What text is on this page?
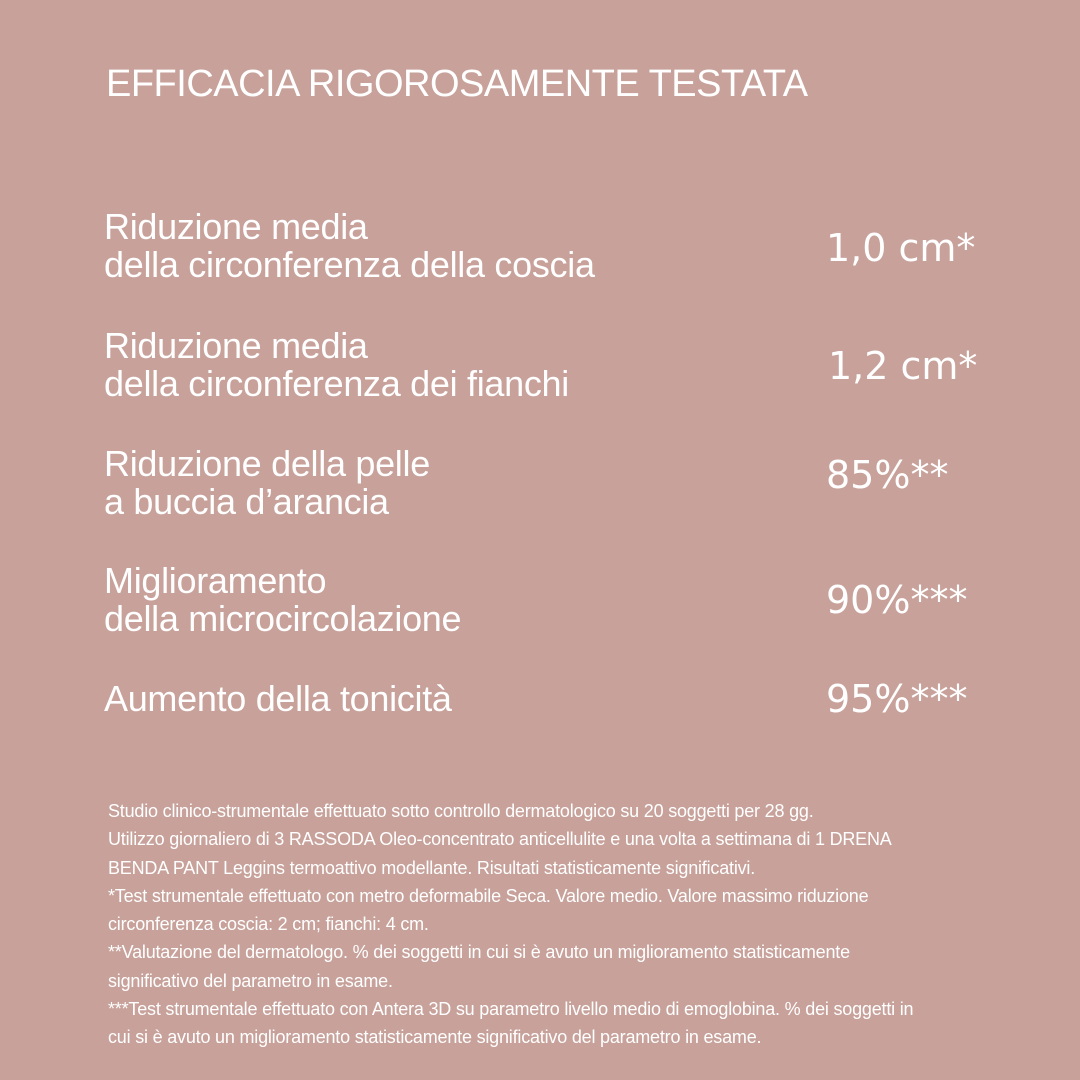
EFFICACIA RIGOROSAMENTE TESTATA
Riduzione media
della circonferenza della coscia	1,0 cm*
Riduzione media
della circonferenza dei fianchi	1,2 cm*
Riduzione della pelle
a buccia d’arancia
85%**
Miglioramento
della microcircolazione	90%***
Aumento della tonicità	95%***
Studio clinico-strumentale effettuato sotto controllo dermatologico su 20 soggetti per 28 gg.
Utilizzo giornaliero di 3 RASSODA Oleo-concentrato anticellulite e una volta a settimana di 1 DRENA
BENDA PANT Leggins termoattivo modellante. Risultati statisticamente significativi.
*Test strumentale effettuato con metro deformabile Seca. Valore medio. Valore massimo riduzione
circonferenza coscia: 2 cm; fianchi: 4 cm.
**Valutazione del dermatologo. % dei soggetti in cui si è avuto un miglioramento statisticamente
significativo del parametro in esame.
***Test strumentale effettuato con Antera 3D su parametro livello medio di emoglobina. % dei soggetti in
cui si è avuto un miglioramento statisticamente significativo del parametro in esame.
